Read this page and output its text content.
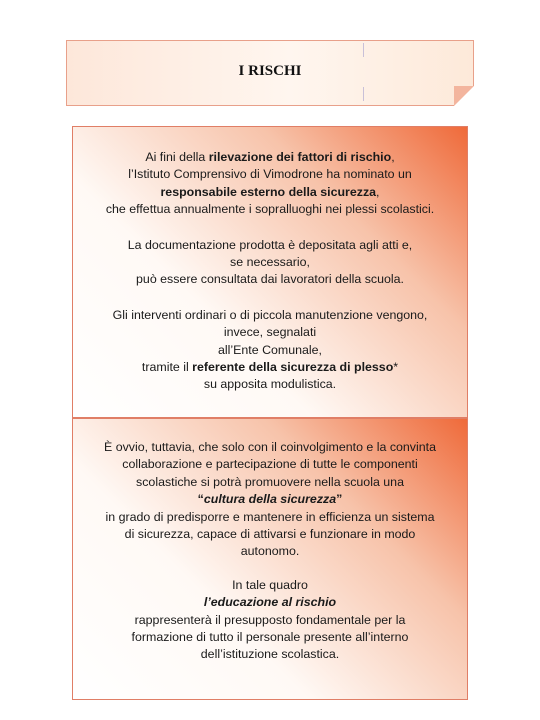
I RISCHI

Ai fini della rilevazione dei fattori di rischio,
l’Istituto Comprensivo di Vimodrone ha nominato un
responsabile esterno della sicurezza,
che effettua annualmente i sopralluoghi nei plessi scolastici.

La documentazione prodotta è depositata agli atti e,
se necessario,
può essere consultata dai lavoratori della scuola.

Gli interventi ordinari o di piccola manutenzione vengono,
invece, segnalati
all’Ente Comunale,
tramite il referente della sicurezza di plesso*
su apposita modulistica.

È ovvio, tuttavia, che solo con il coinvolgimento e la convinta
collaborazione e partecipazione di tutte le componenti
scolastiche si potrà promuovere nella scuola una
“cultura della sicurezza”
in grado di predisporre e mantenere in efficienza un sistema
di sicurezza, capace di attivarsi e funzionare in modo
autonomo.

In tale quadro
l’educazione al rischio
rappresenterà il presupposto fondamentale per la
formazione di tutto il personale presente all’interno
dell’istituzione scolastica.
